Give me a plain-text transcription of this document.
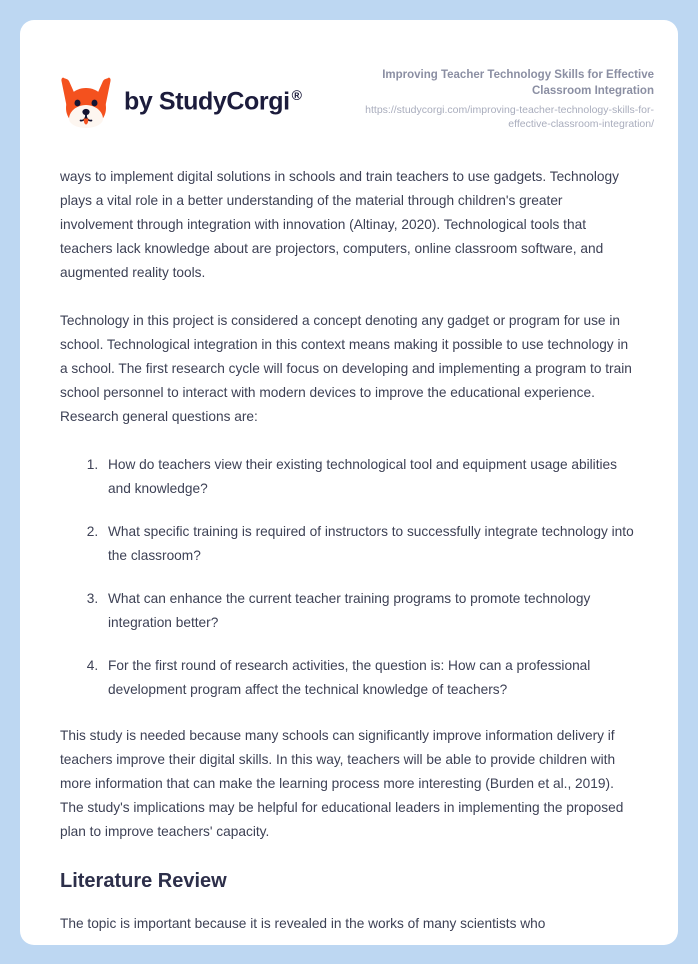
by StudyCorgi ®

Improving Teacher Technology Skills for Effective Classroom Integration

https://studycorgi.com/improving-teacher-technology-skills-for-effective-classroom-integration/

ways to implement digital solutions in schools and train teachers to use gadgets. Technology plays a vital role in a better understanding of the material through children's greater involvement through integration with innovation (Altinay, 2020). Technological tools that teachers lack knowledge about are projectors, computers, online classroom software, and augmented reality tools.

Technology in this project is considered a concept denoting any gadget or program for use in school. Technological integration in this context means making it possible to use technology in a school. The first research cycle will focus on developing and implementing a program to train school personnel to interact with modern devices to improve the educational experience. Research general questions are:

1. How do teachers view their existing technological tool and equipment usage abilities and knowledge?
2. What specific training is required of instructors to successfully integrate technology into the classroom?
3. What can enhance the current teacher training programs to promote technology integration better?
4. For the first round of research activities, the question is: How can a professional development program affect the technical knowledge of teachers?

This study is needed because many schools can significantly improve information delivery if teachers improve their digital skills. In this way, teachers will be able to provide children with more information that can make the learning process more interesting (Burden et al., 2019). The study's implications may be helpful for educational leaders in implementing the proposed plan to improve teachers' capacity.

Literature Review

The topic is important because it is revealed in the works of many scientists who
